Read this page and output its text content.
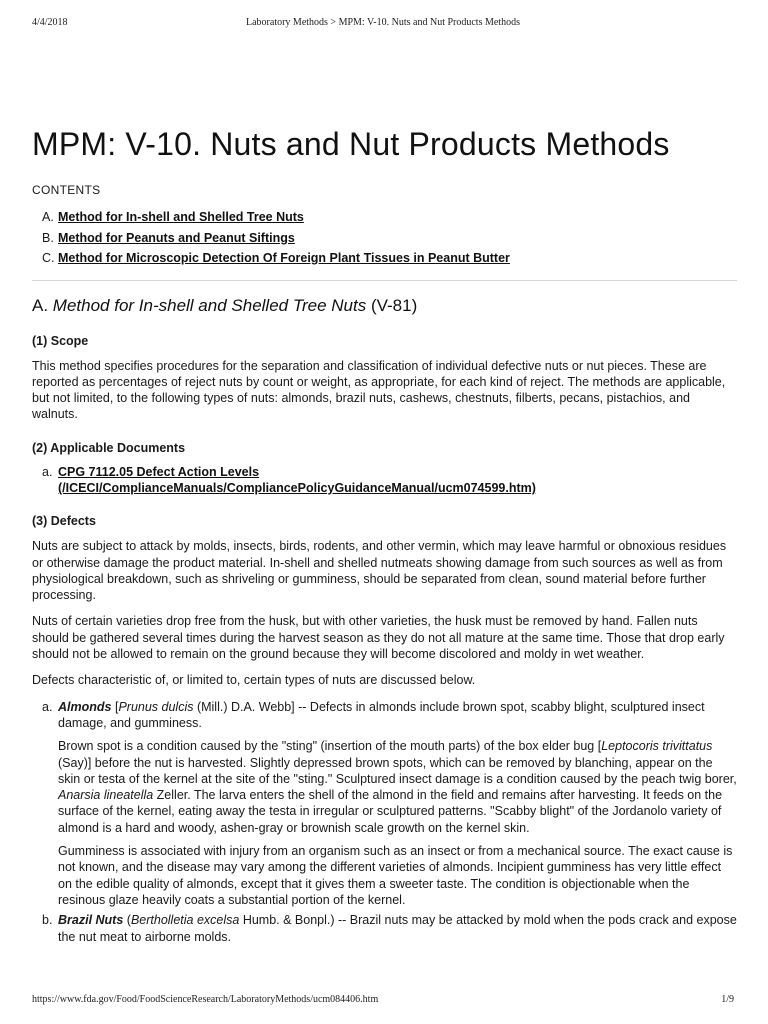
4/4/2018	Laboratory Methods > MPM: V-10. Nuts and Nut Products Methods
MPM: V-10. Nuts and Nut Products Methods
CONTENTS
A. Method for In-shell and Shelled Tree Nuts
B. Method for Peanuts and Peanut Siftings
C. Method for Microscopic Detection Of Foreign Plant Tissues in Peanut Butter
A. Method for In-shell and Shelled Tree Nuts (V-81)
(1) Scope

This method specifies procedures for the separation and classification of individual defective nuts or nut pieces. These are reported as percentages of reject nuts by count or weight, as appropriate, for each kind of reject. The methods are applicable, but not limited, to the following types of nuts: almonds, brazil nuts, cashews, chestnuts, filberts, pecans, pistachios, and walnuts.

(2) Applicable Documents
a. CPG 7112.05 Defect Action Levels
(/ICECI/ComplianceManuals/CompliancePolicyGuidanceManual/ucm074599.htm)
(3) Defects

Nuts are subject to attack by molds, insects, birds, rodents, and other vermin, which may leave harmful or obnoxious residues or otherwise damage the product material. In-shell and shelled nutmeats showing damage from such sources as well as from physiological breakdown, such as shriveling or gumminess, should be separated from clean, sound material before further processing.

Nuts of certain varieties drop free from the husk, but with other varieties, the husk must be removed by hand. Fallen nuts should be gathered several times during the harvest season as they do not all mature at the same time. Those that drop early should not be allowed to remain on the ground because they will become discolored and moldy in wet weather.

Defects characteristic of, or limited to, certain types of nuts are discussed below.

a. Almonds [Prunus dulcis (Mill.) D.A. Webb] -- Defects in almonds include brown spot, scabby blight, sculptured insect damage, and gumminess.

Brown spot is a condition caused by the "sting" (insertion of the mouth parts) of the box elder bug [Leptocoris trivittatus (Say)] before the nut is harvested. Slightly depressed brown spots, which can be removed by blanching, appear on the skin or testa of the kernel at the site of the "sting." Sculptured insect damage is a condition caused by the peach twig borer, Anarsia lineatella Zeller. The larva enters the shell of the almond in the field and remains after harvesting. It feeds on the surface of the kernel, eating away the testa in irregular or sculptured patterns. "Scabby blight" of the Jordanolo variety of almond is a hard and woody, ashen-gray or brownish scale growth on the kernel skin.

Gumminess is associated with injury from an organism such as an insect or from a mechanical source. The exact cause is not known, and the disease may vary among the different varieties of almonds. Incipient gumminess has very little effect on the edible quality of almonds, except that it gives them a sweeter taste. The condition is objectionable when the resinous glaze heavily coats a substantial portion of the kernel.

b. Brazil Nuts (Bertholletia excelsa Humb. & Bonpl.) -- Brazil nuts may be attacked by mold when the pods crack and expose the nut meat to airborne molds.

https://www.fda.gov/Food/FoodScienceResearch/LaboratoryMethods/ucm084406.htm	1/9
